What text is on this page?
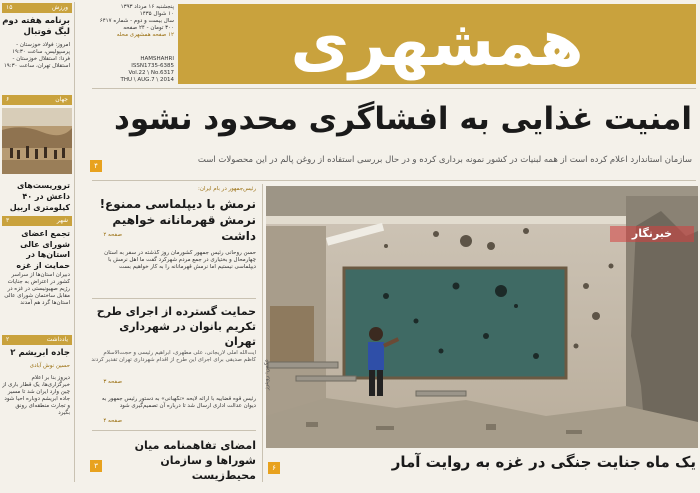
همشهری
پنجشنبه ۱۶ مرداد ۱۳۹۳
۱۰ شوال ۱۴۳۵
سال بیست و دوم - شماره ۶۴۱۷
۳۰۰ تومان - ۲۴ صفحه
۱۲ صفحه همشهری محله
HAMSHAHRI
ISSN1735-6385
Vol.22 \ No.6317
THU \ AUG.7 \ 2014
امنیت غذایی به افشاگری محدود نشود
سازمان استاندارد اعلام کرده است از همه لبنیات در کشور نمونه برداری کرده و در حال بررسی استفاده از روغن پالم در این محصولات است
۴
ورزش
۱۵
برنامه هفته دوم لیگ فوتبال
امروز: فولاد خوزستان - پرسپولیس، ساعت ۱۹:۳۰ فردا: استقلال خوزستان - استقلال تهران، ساعت ۱۹:۳۰
جهان
۶
تروریست‌های داعش در ۴۰ کیلومتری اربیل
شهر
۳
تجمع اعضای شورای عالی استان‌ها در حمایت از غزه
دبیران استان‌ها از سراسر کشور در اعتراض به جنایات رژیم صهیونیستی در غزه در مقابل ساختمان شورای عالی استان‌ها گرد هم آمدند
یادداشت
۲
جاده ابریشم ۲
حسین نوش آبادی
دیروز بنا بر اعلام خبرگزاری‌ها، یک قطار باری از چین وارد ایران شد تا مسیر جاده ابریشم دوباره احیا شود و تجارت منطقه‌ای رونق بگیرد
رئیس‌جمهور در بام ایران:
نرمش با دیپلماسی ممنوع! نرمش قهرمانانه خواهیم داشت
صفحه ۲
حسن روحانی رئیس جمهور کشورمان روز گذشته در سفر به استان چهارمحال و بختیاری در جمع مردم شهرکرد گفت ما اهل نرمش با دیپلماسی نیستیم اما نرمش قهرمانانه را به کار خواهیم بست
حمایت گسترده از اجرای طرح تکریم بانوان در شهرداری تهران
آیت‌الله آملی لاریجانی، علی مطهری، ابراهیم رئیسی و حجت‌الاسلام کاظم صدیقی برای اجرای این طرح از اقدام شهرداری تهران تقدیر کردند
صفحه ۳
رئیس قوه قضاییه با ارائه لایحه «نگهبانی» به دستور رئیس جمهور به دیوان عدالت اداری ارسال شد تا درباره آن تصمیم‌گیری شود
صفحه ۴
امضای تفاهمنامه میان شوراها و سازمان محیط‌زیست
۳
خبرنگار
عکس: رویترز
یک ماه جنایت جنگی در غزه به روایت آمار
۶
